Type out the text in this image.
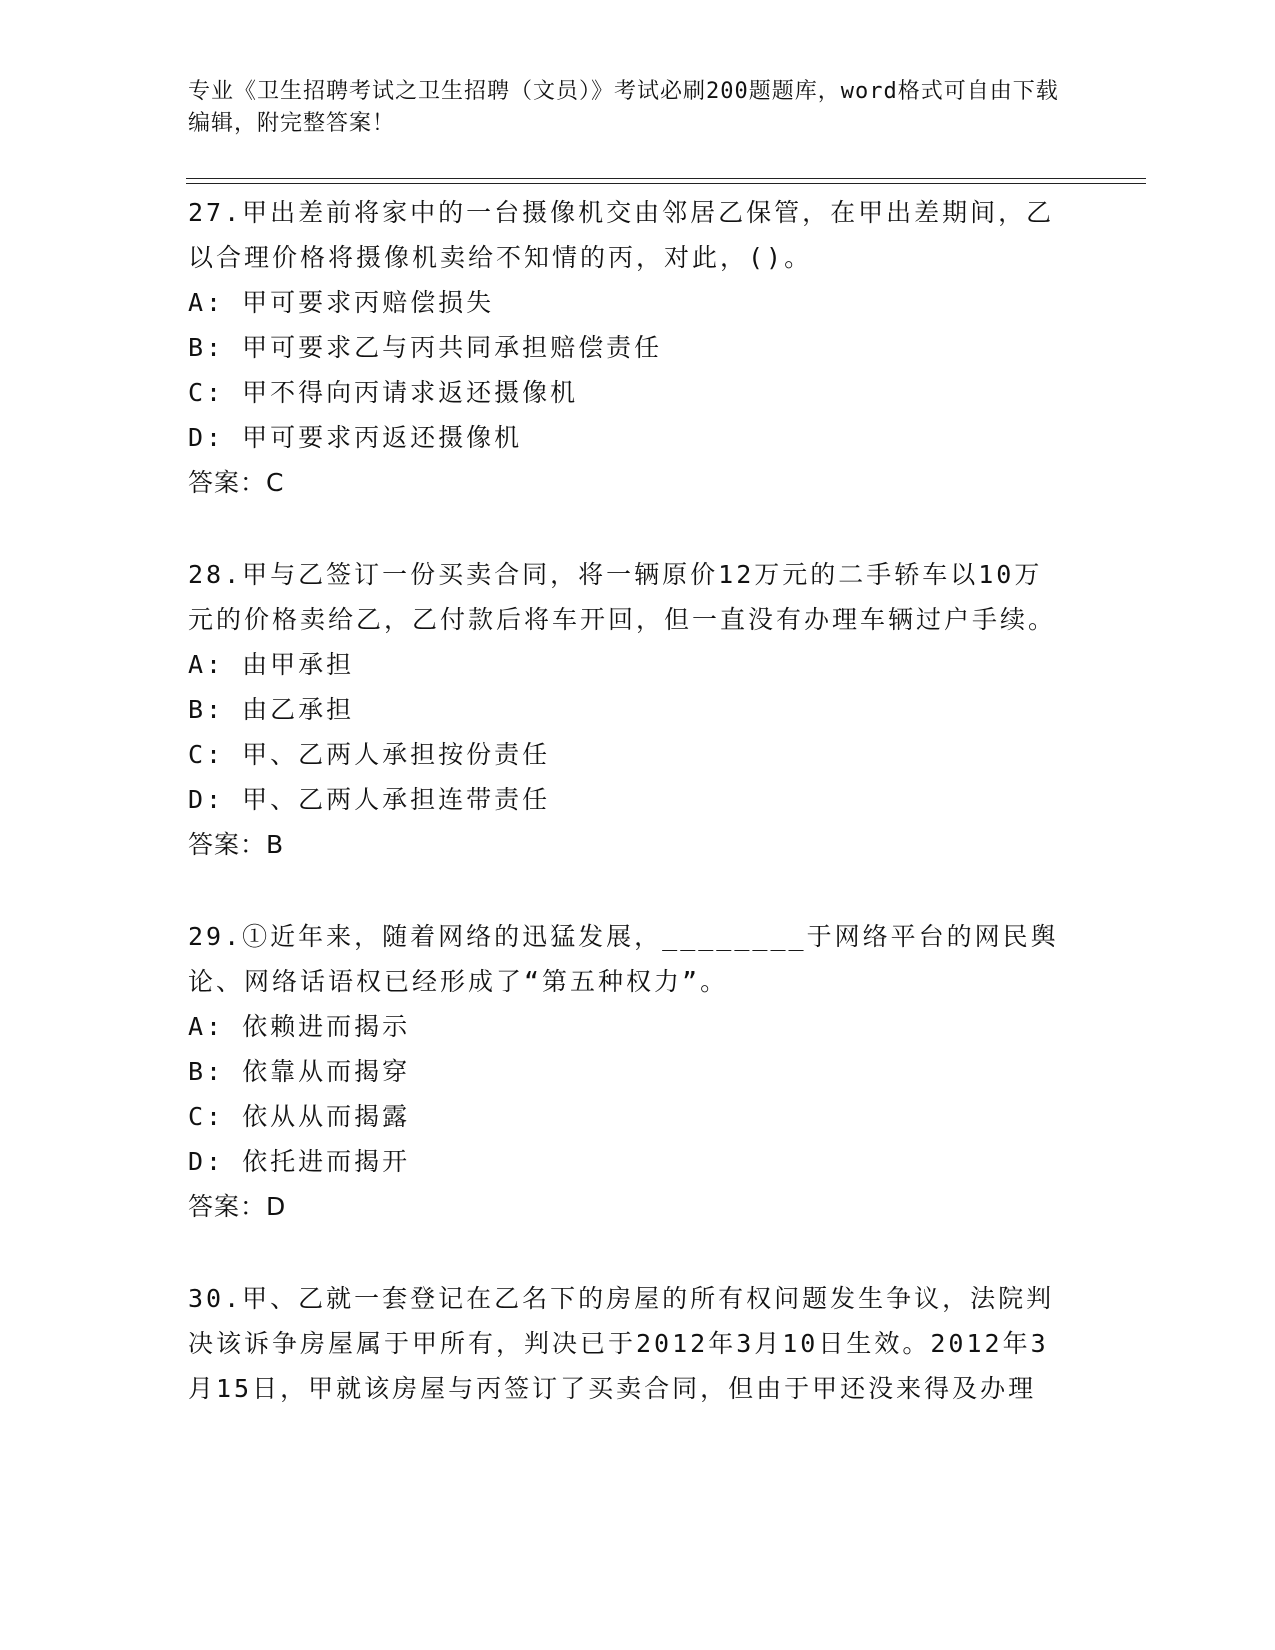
专业《卫生招聘考试之卫生招聘（文员）》考试必刷200题题库，word格式可自由下载编辑，附完整答案！
27.甲出差前将家中的一台摄像机交由邻居乙保管，在甲出差期间，乙以合理价格将摄像机卖给不知情的丙，对此，()。
A: 甲可要求丙赔偿损失
B: 甲可要求乙与丙共同承担赔偿责任
C: 甲不得向丙请求返还摄像机
D: 甲可要求丙返还摄像机
答案：C
28.甲与乙签订一份买卖合同，将一辆原价12万元的二手轿车以10万元的价格卖给乙，乙付款后将车开回，但一直没有办理车辆过户手续。
A: 由甲承担
B: 由乙承担
C: 甲、乙两人承担按份责任
D: 甲、乙两人承担连带责任
答案：B
29.①近年来，随着网络的迅猛发展，________于网络平台的网民舆论、网络话语权已经形成了“第五种权力”。
A: 依赖进而揭示
B: 依靠从而揭穿
C: 依从从而揭露
D: 依托进而揭开
答案：D
30.甲、乙就一套登记在乙名下的房屋的所有权问题发生争议，法院判决该诉争房屋属于甲所有，判决已于2012年3月10日生效。2012年3月15日，甲就该房屋与丙签订了买卖合同，但由于甲还没来得及办理
